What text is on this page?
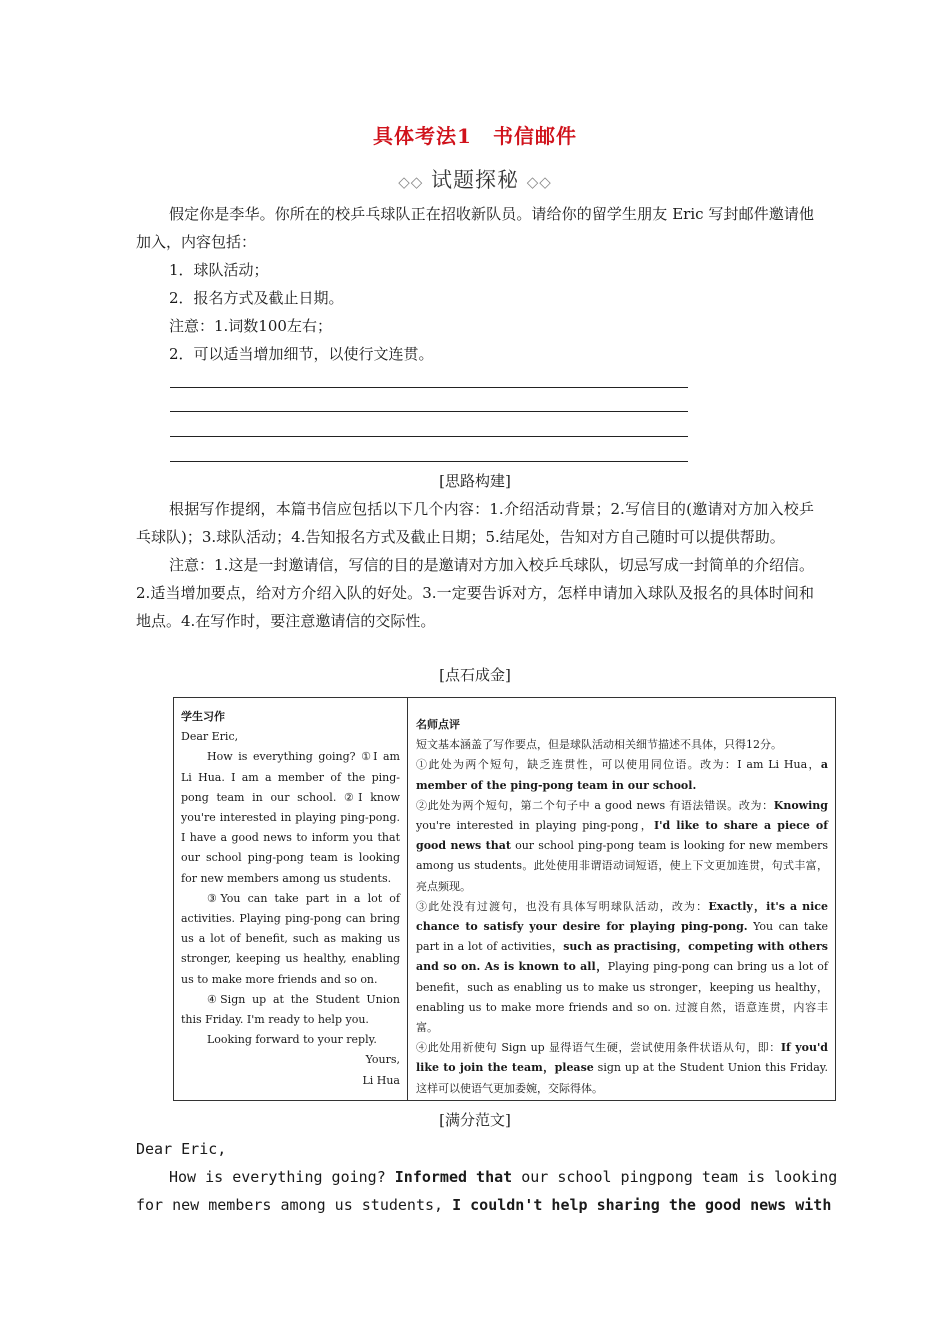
具体考法1　书信邮件
◇◇ 试题探秘 ◇◇

假定你是李华。你所在的校乒乓球队正在招收新队员。请给你的留学生朋友 Eric 写封邮件邀请他加入，内容包括：

1．球队活动；

2．报名方式及截止日期。

注意：1.词数100左右；

2．可以适当增加细节，以使行文连贯。

[思路构建]

根据写作提纲，本篇书信应包括以下几个内容：1.介绍活动背景；2.写信目的(邀请对方加入校乒乓球队)；3.球队活动；4.告知报名方式及截止日期；5.结尾处，告知对方自己随时可以提供帮助。

注意：1.这是一封邀请信，写信的目的是邀请对方加入校乒乓球队，切忌写成一封简单的介绍信。2.适当增加要点，给对方介绍入队的好处。3.一定要告诉对方，怎样申请加入球队及报名的具体时间和地点。4.在写作时，要注意邀请信的交际性。

[点石成金]

学生习作

Dear Eric,

How is everything going? ①I am Li Hua. I am a member of the ping-pong team in our school. ②I know you're interested in playing ping-pong. I have a good news to inform you that our school ping-pong team is looking for new members among us students.

③You can take part in a lot of activities. Playing ping-pong can bring us a lot of benefit, such as making us stronger, keeping us healthy, enabling us to make more friends and so on.

④Sign up at the Student Union this Friday. I'm ready to help you.

Looking forward to your reply.

Yours,

Li Hua

名师点评

短文基本涵盖了写作要点，但是球队活动相关细节描述不具体，只得12分。

①此处为两个短句，缺乏连贯性，可以使用同位语。改为：I am Li Hua，a member of the ping-pong team in our school.

②此处为两个短句，第二个句子中 a good news 有语法错误。改为：Knowing you're interested in playing ping-pong，I'd like to share a piece of good news that our school ping-pong team is looking for new members among us students。此处使用非谓语动词短语，使上下文更加连贯，句式丰富，亮点频现。

③此处没有过渡句，也没有具体写明球队活动，改为：Exactly，it's a nice chance to satisfy your desire for playing ping-pong. You can take part in a lot of activities，such as practising，competing with others and so on. As is known to all，Playing ping-pong can bring us a lot of benefit，such as enabling us to make us stronger，keeping us healthy，enabling us to make more friends and so on. 过渡自然，语意连贯，内容丰富。

④此处用祈使句 Sign up 显得语气生硬，尝试使用条件状语从句，即：If you'd like to join the team，please sign up at the Student Union this Friday. 这样可以使语气更加委婉，交际得体。

[满分范文]

Dear Eric,

How is everything going? Informed that our school pingpong team is looking

for new members among us students, I couldn't help sharing the good news with
